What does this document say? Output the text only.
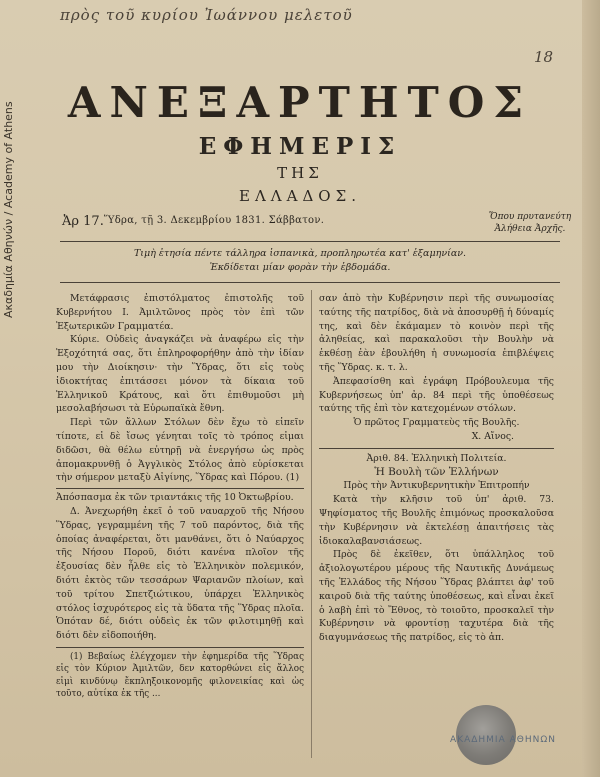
Ακαδημία Αθηνών / Academy of Athens
πρὸς τοῦ κυρίου Ἰωάννου μελετοῦ
18
ΑΝΕΞΑΡΤΗΤΟΣ
ΕΦΗΜΕΡΙΣ
ΤΗΣ
ΕΛΛΑΔΟΣ.
Ἀρ 17. Ὕδρα, τῇ 3. Δεκεμβρίου 1831. Σάββατον.	Ὅπου πρυτανεύτη Ἀλήθεια Ἀρχῆς.
Τιμὴ ἐτησία πέντε τάλληρα ἰσπανικὰ, προπληρωτέα κατ' ἑξαμηνίαν.
Ἐκδίδεται μίαν φορὰν τὴν ἑβδομάδα.

Μετάφρασις ἐπιστόλματος ἐπιστολῆς τοῦ Κυβερνήτου Ι. Ἀμιλτῶνος πρὸς τὸν ἐπὶ τῶν Ἐξωτερικῶν Γραμματέα.

Κύριε. Οὐδεὶς ἀναγκάζει νὰ ἀναφέρω εἰς τὴν Ἐξοχότητά σας, ὅτι ἐπληροφορήθην ἀπὸ τὴν ἰδίαν μου τὴν Διοίκησιν· τὴν Ὕδρας, ὅτι εἰς τοὺς ἰδιοκτήτας ἐπιτάσσει μόνον τὰ δίκαια τοῦ Ἑλληνικοῦ Κράτους, καὶ ὅτι ἐπιθυμοῦσι μὴ μεσολαβήσωσι τὰ Εὐρωπαϊκὰ ἔθνη.

Περὶ τῶν ἄλλων Στόλων δὲν ἔχω τὸ εἰπεῖν τίποτε, εἰ δὲ ἴσως γένηται τοῖς τὸ τρόπος εἰμαι διδῶσι, θὰ θέλω εὐτηρῇ νὰ ἐνεργήσω ὡς πρὸς ἀπομακρυνθῇ ὁ Ἀγγλικὸς Στόλος ἀπὸ εὑρίσκεται τὴν σήμερον μεταξὺ Αἰγίνης, Ὕδρας καὶ Πόρου. (1)

Ἀπόσπασμα ἐκ τῶν τριαντάκις τῆς 10 Ὀκτωβρίου.

Δ. Ἀνεχωρήθη ἐκεῖ ὁ τοῦ ναυαρχοῦ τῆς Νήσου Ὕδρας, γεγραμμένη τῆς 7 τοῦ παρόντος, διὰ τῆς ὁποίας ἀναφέρεται, ὅτι μανθάνει, ὅτι ὁ Ναύαρχος τῆς Νήσου Ποροῦ, διότι κανένα πλοῖον τῆς ἐξουσίας δὲν ἦλθε εἰς τὸ Ἑλληνικὸν πολεμικόν, διότι ἐκτὸς τῶν τεσσάρων Ψαριανῶν πλοίων, καὶ τοῦ τρίτου Σπετζιώτικου, ὑπάρχει Ἑλληνικὸς στόλος ἰσχυρότερος εἰς τὰ ὕδατα τῆς Ὕδρας πλοῖα. Ὁπόταν δέ, διότι οὐδεὶς ἐκ τῶν φιλοτιμηθῇ καὶ διότι δὲν εἰδοποιήθη.

(1) Βεβαίως ἐλέγχομεν τὴν ἐφημερίδα τῆς Ὕδρας εἰς τὸν Κύριον Ἀμιλτῶν, δεν κατορθώνει εἰς ἄλλος εἰμὶ κινδύνῳ ἔκπληξοικονομῆς φιλονεικίας καὶ ὡς τοῦτο, αὐτίκα ἐκ τῆς ...

σαν ἀπὸ τὴν Κυβέρνησιν περὶ τῆς συνωμοσίας ταύτης τῆς πατρίδος, διὰ νὰ ἀποσυρθῇ ἡ δύναμίς της, καὶ δὲν ἐκάμαμεν τὸ κοινὸν περὶ τῆς ἀληθείας, καὶ παρακαλοῦσι τὴν Βουλὴν νὰ ἐκθέσῃ ἐὰν ἐβουλήθη ἡ συνωμοσία ἐπιβλέψεις τῆς Ὕδρας. κ. τ. λ.

Ἀπεφασίσθη καὶ ἐγράφη Πρόβουλευμα τῆς Κυβερνήσεως ὑπ' ἀρ. 84 περὶ τῆς ὑποθέσεως ταύτης τῆς ἐπὶ τὸν κατεχομένων στόλων.

Ὁ πρῶτος Γραμματεὺς τῆς Βουλῆς.

Χ. Αἴνος.

Ἀριθ. 84. Ἑλληνικὴ Πολιτεία.

Ἡ Βουλὴ τῶν Ἑλλήνων

Πρὸς τὴν Ἀντικυβερνητικὴν Ἐπιτροπήν

Κατὰ τὴν κλῆσιν τοῦ ὑπ' ἀριθ. 73. Ψηφίσματος τῆς Βουλῆς ἐπιμόνως προσκαλοῦσα τὴν Κυβέρνησιν νὰ ἐκτελέσῃ ἀπαιτήσεις τὰς ἰδιοκαλαβανσιάσεως.

Πρὸς δὲ ἐκεῖθεν, ὅτι ὑπάλληλος τοῦ ἀξιολογωτέρου μέρους τῆς Ναυτικῆς Δυνάμεως τῆς Ἑλλάδος τῆς Νήσου Ὕδρας βλάπτει ἀφ' τοῦ καιροῦ διὰ τῆς ταύτης ὑποθέσεως, καὶ εἶναι ἐκεῖ ὁ λαβὴ ἐπὶ τὸ Ἔθνος, τὸ τοιοῦτο, προσκαλεῖ τὴν Κυβέρνησιν νὰ φροντίσῃ ταχυτέρα διὰ τῆς διαγυμνάσεως τῆς πατρίδος, εἰς τὸ ἀπ.

ΑΚΑΔΗΜΙΑ ΑΘΗΝΩΝ
